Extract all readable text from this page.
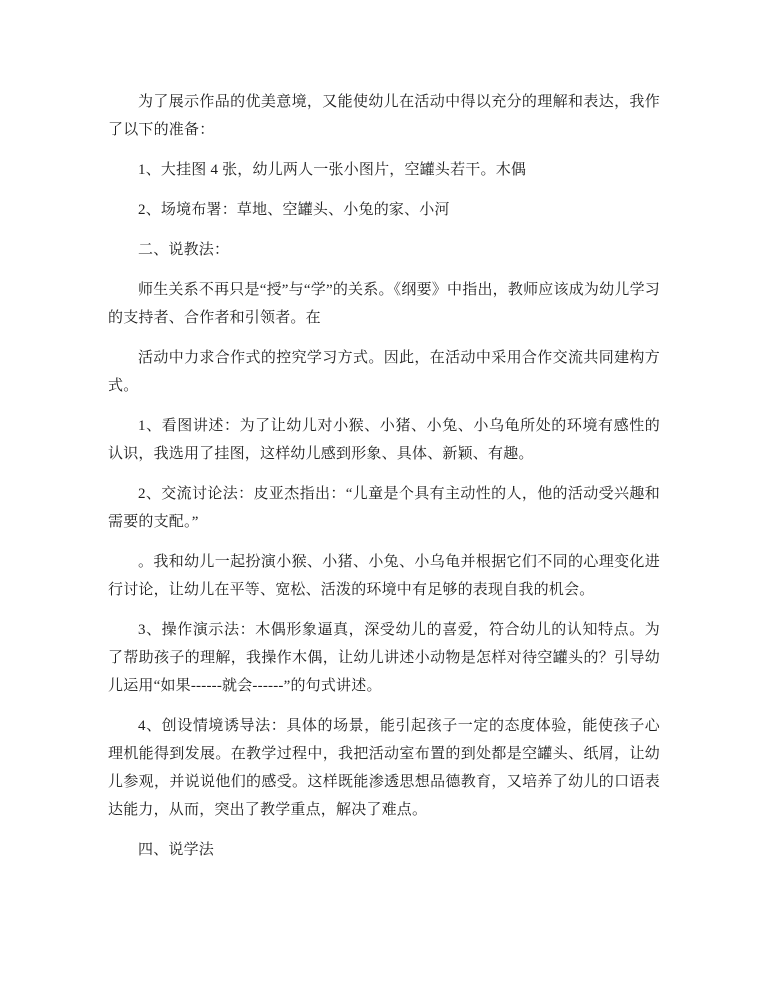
为了展示作品的优美意境，又能使幼儿在活动中得以充分的理解和表达，我作了以下的准备：

1、大挂图 4 张，幼儿两人一张小图片，空罐头若干。木偶

2、场境布署：草地、空罐头、小兔的家、小河

二、说教法：

师生关系不再只是“授”与“学”的关系。《纲要》中指出，教师应该成为幼儿学习的支持者、合作者和引领者。在

活动中力求合作式的控究学习方式。因此，在活动中采用合作交流共同建构方式。

1、看图讲述：为了让幼儿对小猴、小猪、小兔、小乌龟所处的环境有感性的认识，我选用了挂图，这样幼儿感到形象、具体、新颖、有趣。

2、交流讨论法：皮亚杰指出：“儿童是个具有主动性的人，他的活动受兴趣和需要的支配。”

。我和幼儿一起扮演小猴、小猪、小兔、小乌龟并根据它们不同的心理变化进行讨论，让幼儿在平等、宽松、活泼的环境中有足够的表现自我的机会。

3、操作演示法：木偶形象逼真，深受幼儿的喜爱，符合幼儿的认知特点。为了帮助孩子的理解，我操作木偶，让幼儿讲述小动物是怎样对待空罐头的？引导幼儿运用“如果------就会------”的句式讲述。

4、创设情境诱导法：具体的场景，能引起孩子一定的态度体验，能使孩子心理机能得到发展。在教学过程中，我把活动室布置的到处都是空罐头、纸屑，让幼儿参观，并说说他们的感受。这样既能渗透思想品德教育，又培养了幼儿的口语表达能力，从而，突出了教学重点，解决了难点。

四、说学法
